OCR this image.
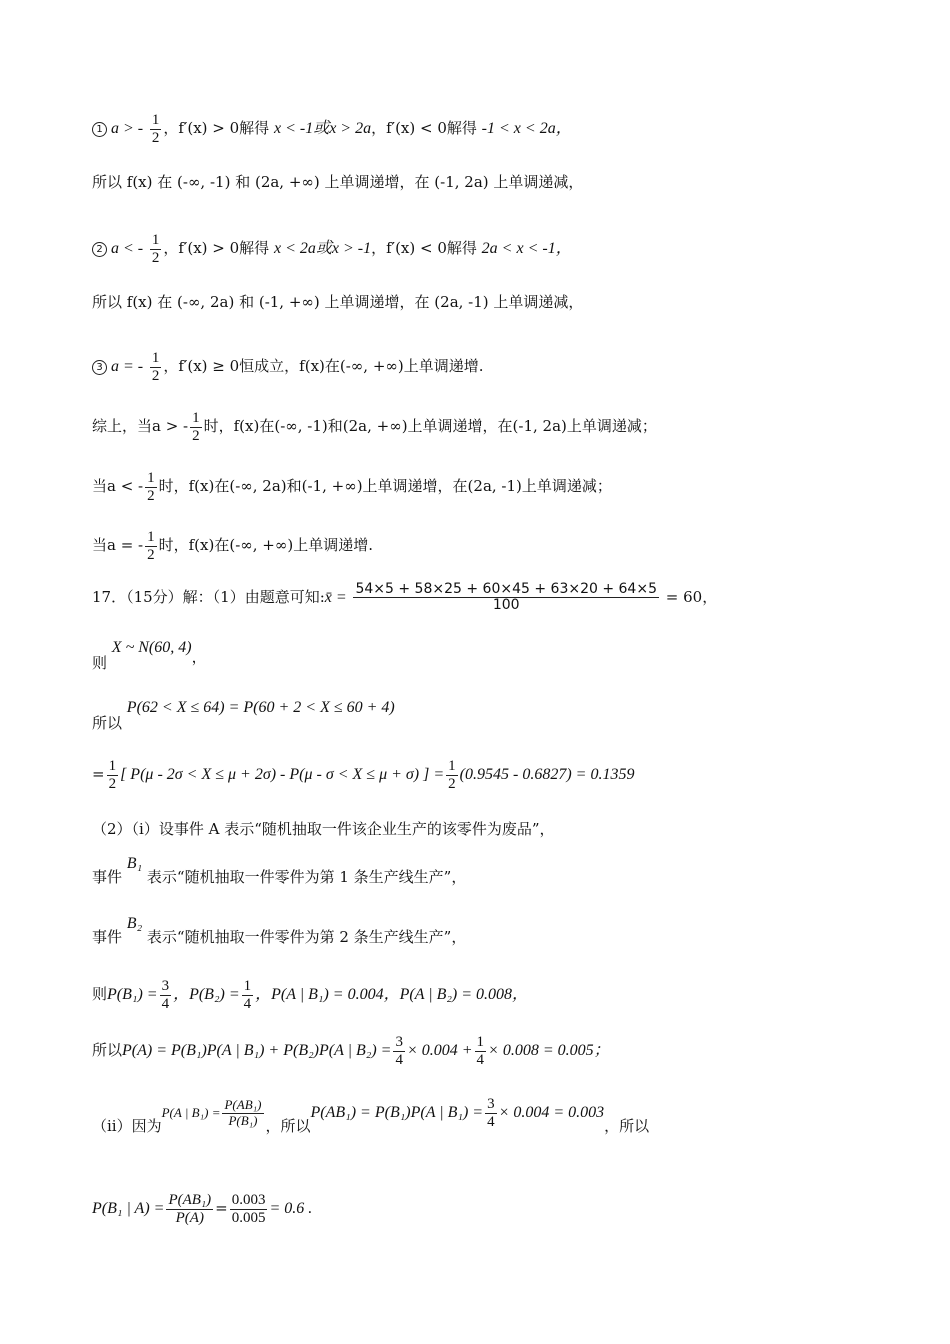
1 a > - $\frac{1}{2}$ ，f′(x) > 0解得 x < -1或x > 2a，f′(x) < 0解得 -1 < x < 2a，
所以 f(x) 在 (-∞, -1) 和 (2a, +∞) 上单调递增，在 (-1, 2a) 上单调递减，
2 a < - $\frac{1}{2}$ ，f′(x) > 0解得 x < 2a或x > -1，f′(x) < 0解得 2a < x < -1，
所以 f(x) 在 (-∞, 2a) 和 (-1, +∞) 上单调递增，在 (2a, -1) 上单调递减，
3 a = - $\frac{1}{2}$ ，f′(x) ≥ 0恒成立，f(x)在(-∞, +∞)上单调递增.
综上，当a > - $\frac{1}{2}$ 时，f(x)在(-∞, -1)和(2a, +∞)上单调递增，在(-1, 2a)上单调递减；
当a < - $\frac{1}{2}$ 时，f(x)在(-∞, 2a)和(-1, +∞)上单调递增，在(2a, -1)上单调递减；
当a = - $\frac{1}{2}$ 时，f(x)在(-∞, +∞)上单调递增.
17．（15分）解：（1）由题意可知:x̄ = $\frac{54\times 5 + 58\times 25 + 60\times 45 + 63\times 20 + 64\times 5}{100} = 60$，
则 X ~ N(60, 4)，
所以 P(62 < X ≤ 64) = P(60 + 2 < X ≤ 60 + 4)
= $\frac{1}{2}$ [ P(μ - 2σ < X ≤ μ + 2σ) - P(μ - σ < X ≤ μ + σ) ] = $\frac{1}{2} (0.9545 - 0.6827) = 0.1359$
（2）（i）设事件 A 表示“随机抽取一件该企业生产的该零件为废品”，
事件 B₁ 表示“随机抽取一件零件为第 1 条生产线生产”，
事件 B₂ 表示“随机抽取一件零件为第 2 条生产线生产”，
则$P(B_1) = \frac{3}{4}$ ，$P(B_2) = \frac{1}{4}$ ，P(A | B₁) = 0.004，P(A | B₂) = 0.008，
所以P(A) = P(B₁)P(A | B₁) + P(B₂)P(A | $B_2) = \frac{3}{4} \times 0.004 + \frac{1}{4} \times 0.008 = 0.005$；
（ii）因为P(A | $B_1) = \frac{\text{P(AB₁)}}{\text{P(B₁)}}$ ，所以P(AB₁) = P(B₁)P(A | $B_1) = \frac{3}{4} \times 0.004 = 0.003$，所以
P(B₁ | $A) = \frac{\text{P(AB₁)}}{P(A)} = \frac{0.003}{0.005} = 0.6$ .
